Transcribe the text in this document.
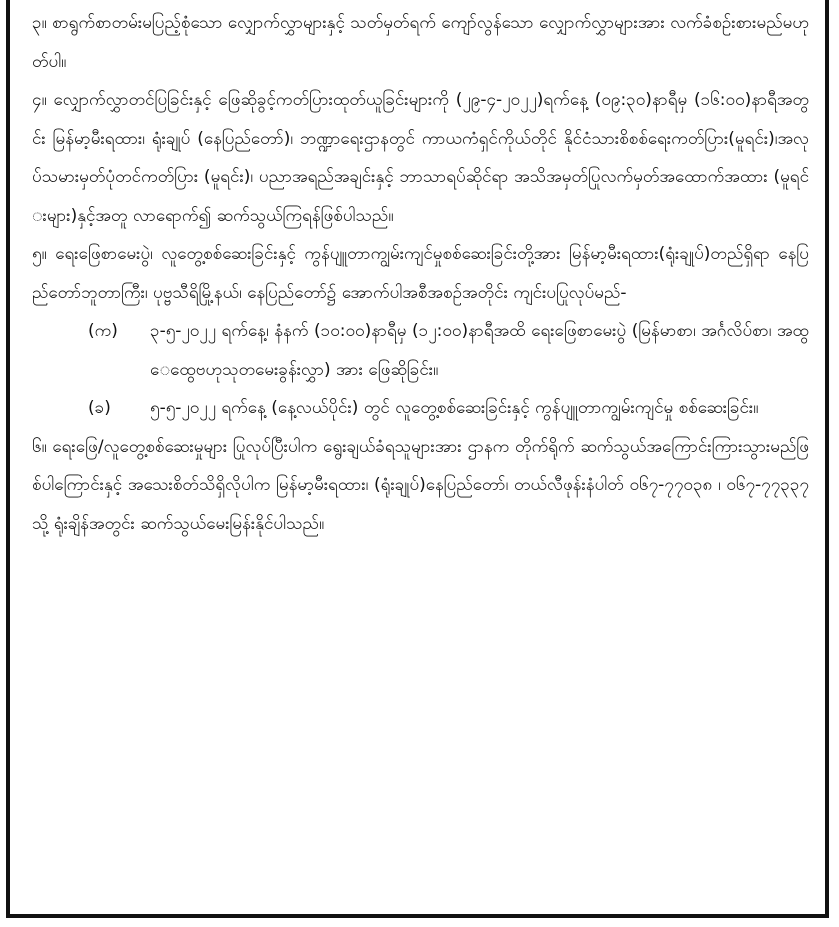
၃။ စာရွက်စာတမ်းမပြည့်စုံသော လျှောက်လွှာများနှင့် သတ်မှတ်ရက် ကျော်လွန်သော လျှောက်လွှာများအား လက်ခံစဉ်းစားမည်မဟုတ်ပါ။

၄။ လျှောက်လွှာတင်ပြခြင်းနှင့် ဖြေဆိုခွင့်ကတ်ပြားထုတ်ယူခြင်းများကို (၂၉-၄-၂၀၂၂)ရက်နေ့ (၀၉:၃၀)နာရီမှ (၁၆:၀၀)နာရီအတွင်း မြန်မာ့မီးရထား၊ ရုံးချုပ် (နေပြည်တော်)၊ ဘဏ္ဍာရေးဌာနတွင် ကာယကံရှင်ကိုယ်တိုင် နိုင်ငံသားစိစစ်ရေးကတ်ပြား(မူရင်း)၊အလုပ်သမားမှတ်ပုံတင်ကတ်ပြား (မူရင်း)၊ ပညာအရည်အချင်းနှင့် ဘာသာရပ်ဆိုင်ရာ အသိအမှတ်ပြုလက်မှတ်အထောက်အထား (မူရင်းများ)နှင့်အတူ လာရောက်၍ ဆက်သွယ်ကြရန်ဖြစ်ပါသည်။

၅။ ရေးဖြေစာမေးပွဲ၊ လူတွေ့စစ်ဆေးခြင်းနှင့် ကွန်ပျူတာကျွမ်းကျင်မှုစစ်ဆေးခြင်းတို့အား မြန်မာ့မီးရထား(ရုံးချုပ်)တည်ရှိရာ နေပြည်တော်ဘူတာကြီး၊ ပုဗ္ဗသီရိမြို့နယ်၊ နေပြည်တော်၌ အောက်ပါအစီအစဉ်အတိုင်း ကျင်းပပြုလုပ်မည်-

(က)	၃-၅-၂၀၂၂ ရက်နေ့၊ နံနက် (၁၀:၀၀)နာရီမှ (၁၂:၀၀)နာရီအထိ ရေးဖြေစာမေးပွဲ (မြန်မာစာ၊ အင်္ဂလိပ်စာ၊ အထွေထွေဗဟုသုတမေးခွန်းလွှာ) အား ဖြေဆိုခြင်း။
(ခ)	၅-၅-၂၀၂၂ ရက်နေ့ (နေ့လယ်ပိုင်း) တွင် လူတွေ့စစ်ဆေးခြင်းနှင့် ကွန်ပျူတာကျွမ်းကျင်မှု စစ်ဆေးခြင်း။

၆။ ရေးဖြေ/လူတွေ့စစ်ဆေးမှုများ ပြုလုပ်ပြီးပါက ရွေးချယ်ခံရသူများအား ဌာနက တိုက်ရိုက် ဆက်သွယ်အကြောင်းကြားသွားမည်ဖြစ်ပါကြောင်းနှင့် အသေးစိတ်သိရှိလိုပါက မြန်မာ့မီးရထား၊ (ရုံးချုပ်)နေပြည်တော်၊ တယ်လီဖုန်းနံပါတ် ၀၆၇-၇၇၀၃၈ ၊ ၀၆၇-၇၇၃၃၇ သို့ ရုံးချိန်အတွင်း ဆက်သွယ်မေးမြန်းနိုင်ပါသည်။
